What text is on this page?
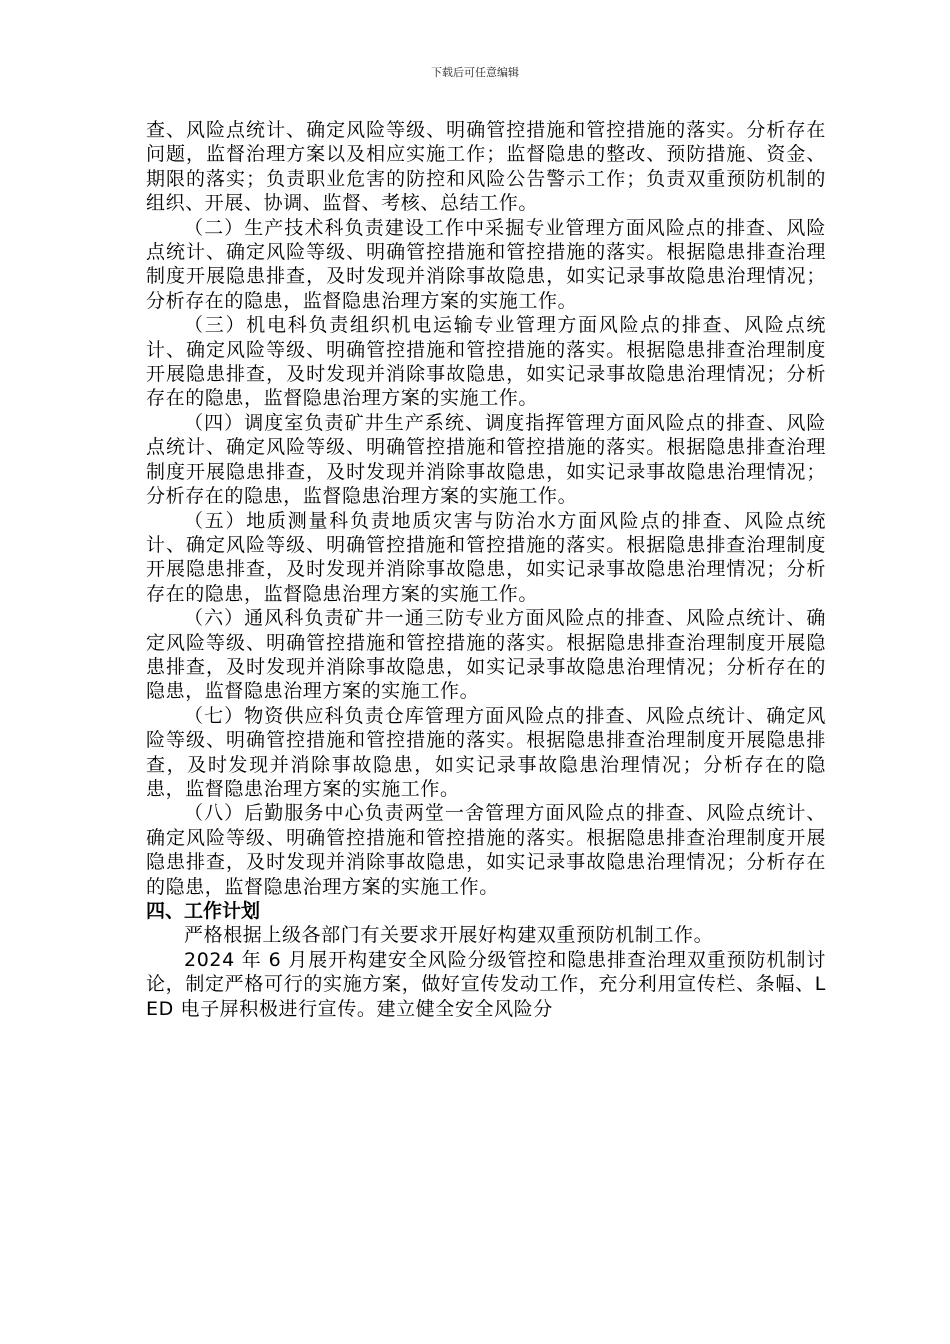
下载后可任意编辑

查、风险点统计、确定风险等级、明确管控措施和管控措施的落实。分析存在问题，监督治理方案以及相应实施工作；监督隐患的整改、预防措施、资金、期限的落实；负责职业危害的防控和风险公告警示工作；负责双重预防机制的组织、开展、协调、监督、考核、总结工作。

（二）生产技术科负责建设工作中采掘专业管理方面风险点的排查、风险点统计、确定风险等级、明确管控措施和管控措施的落实。根据隐患排查治理制度开展隐患排查，及时发现并消除事故隐患，如实记录事故隐患治理情况；分析存在的隐患，监督隐患治理方案的实施工作。

（三）机电科负责组织机电运输专业管理方面风险点的排查、风险点统计、确定风险等级、明确管控措施和管控措施的落实。根据隐患排查治理制度开展隐患排查，及时发现并消除事故隐患，如实记录事故隐患治理情况；分析存在的隐患，监督隐患治理方案的实施工作。

（四）调度室负责矿井生产系统、调度指挥管理方面风险点的排查、风险点统计、确定风险等级、明确管控措施和管控措施的落实。根据隐患排查治理制度开展隐患排查，及时发现并消除事故隐患，如实记录事故隐患治理情况；分析存在的隐患，监督隐患治理方案的实施工作。

（五）地质测量科负责地质灾害与防治水方面风险点的排查、风险点统计、确定风险等级、明确管控措施和管控措施的落实。根据隐患排查治理制度开展隐患排查，及时发现并消除事故隐患，如实记录事故隐患治理情况；分析存在的隐患，监督隐患治理方案的实施工作。

（六）通风科负责矿井一通三防专业方面风险点的排查、风险点统计、确定风险等级、明确管控措施和管控措施的落实。根据隐患排查治理制度开展隐患排查，及时发现并消除事故隐患，如实记录事故隐患治理情况；分析存在的隐患，监督隐患治理方案的实施工作。

（七）物资供应科负责仓库管理方面风险点的排查、风险点统计、确定风险等级、明确管控措施和管控措施的落实。根据隐患排查治理制度开展隐患排查，及时发现并消除事故隐患，如实记录事故隐患治理情况；分析存在的隐患，监督隐患治理方案的实施工作。

（八）后勤服务中心负责两堂一舍管理方面风险点的排查、风险点统计、确定风险等级、明确管控措施和管控措施的落实。根据隐患排查治理制度开展隐患排查，及时发现并消除事故隐患，如实记录事故隐患治理情况；分析存在的隐患，监督隐患治理方案的实施工作。

四、工作计划

严格根据上级各部门有关要求开展好构建双重预防机制工作。

2024 年 6 月展开构建安全风险分级管控和隐患排查治理双重预防机制讨论，制定严格可行的实施方案，做好宣传发动工作，充分利用宣传栏、条幅、LED 电子屏积极进行宣传。建立健全安全风险分
